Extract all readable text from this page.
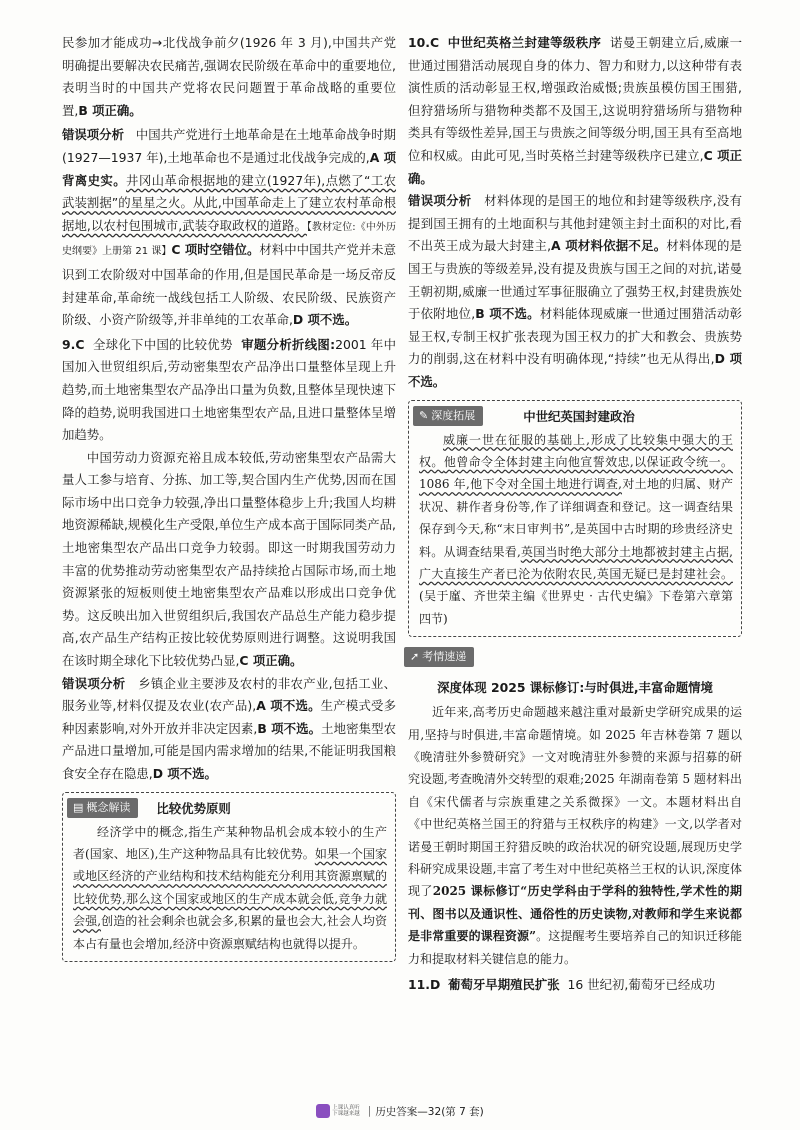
民参加才能成功→北伐战争前夕(1926 年 3 月),中国共产党明确提出要解决农民痛苦,强调农民阶级在革命中的重要地位,表明当时的中国共产党将农民问题置于革命战略的重要位置,B 项正确。

错误项分析 中国共产党进行土地革命是在土地革命战争时期(1927—1937 年),土地革命也不是通过北伐战争完成的,A 项背离史实。井冈山革命根据地的建立(1927年),点燃了“工农武装割据”的星星之火。从此,中国革命走上了建立农村革命根据地,以农村包围城市,武装夺取政权的道路。【教材定位:《中外历史纲要》上册第 21 课】C 项时空错位。材料中中国共产党并未意识到工农阶级对中国革命的作用,但是国民革命是一场反帝反封建革命,革命统一战线包括工人阶级、农民阶级、民族资产阶级、小资产阶级等,并非单纯的工农革命,D 项不选。

9.C 全球化下中国的比较优势 审题分析折线图:2001 年中国加入世贸组织后,劳动密集型农产品净出口量整体呈现上升趋势,而土地密集型农产品净出口量为负数,且整体呈现快速下降的趋势,说明我国进口土地密集型农产品,且进口量整体呈增加趋势。

中国劳动力资源充裕且成本较低,劳动密集型农产品需大量人工参与培育、分拣、加工等,契合国内生产优势,因而在国际市场中出口竞争力较强,净出口量整体稳步上升;我国人均耕地资源稀缺,规模化生产受限,单位生产成本高于国际同类产品,土地密集型农产品出口竞争力较弱。即这一时期我国劳动力丰富的优势推动劳动密集型农产品持续抢占国际市场,而土地资源紧张的短板则使土地密集型农产品难以形成出口竞争优势。这反映出加入世贸组织后,我国农产品总生产能力稳步提高,农产品生产结构正按比较优势原则进行调整。这说明我国在该时期全球化下比较优势凸显,C 项正确。

错误项分析 乡镇企业主要涉及农村的非农产业,包括工业、服务业等,材料仅提及农业(农产品),A 项不选。生产模式受多种因素影响,对外开放并非决定因素,B 项不选。土地密集型农产品进口量增加,可能是国内需求增加的结果,不能证明我国粮食安全存在隐患,D 项不选。

▤ 概念解读	比较优势原则

经济学中的概念,指生产某种物品机会成本较小的生产者(国家、地区),生产这种物品具有比较优势。如果一个国家或地区经济的产业结构和技术结构能充分利用其资源禀赋的比较优势,那么这个国家或地区的生产成本就会低,竞争力就会强,创造的社会剩余也就会多,积累的量也会大,社会人均资本占有量也会增加,经济中资源禀赋结构也就得以提升。

10.C 中世纪英格兰封建等级秩序 诺曼王朝建立后,威廉一世通过围猎活动展现自身的体力、智力和财力,以这种带有表演性质的活动彰显王权,增强政治威慑;贵族虽模仿国王围猎,但狩猎场所与猎物种类都不及国王,这说明狩猎场所与猎物种类具有等级性差异,国王与贵族之间等级分明,国王具有至高地位和权威。由此可见,当时英格兰封建等级秩序已建立,C 项正确。

错误项分析 材料体现的是国王的地位和封建等级秩序,没有提到国王拥有的土地面积与其他封建领主封土面积的对比,看不出英王成为最大封建主,A 项材料依据不足。材料体现的是国王与贵族的等级差异,没有提及贵族与国王之间的对抗,诺曼王朝初期,威廉一世通过军事征服确立了强势王权,封建贵族处于依附地位,B 项不选。材料能体现威廉一世通过围猎活动彰显王权,专制王权扩张表现为国王权力的扩大和教会、贵族势力的削弱,这在材料中没有明确体现,“持续”也无从得出,D 项不选。

✎ 深度拓展	中世纪英国封建政治

威廉一世在征服的基础上,形成了比较集中强大的王权。他曾命令全体封建主向他宣誓效忠,以保证政令统一。1086 年,他下令对全国土地进行调查,对土地的归属、财产状况、耕作者身份等,作了详细调查和登记。这一调查结果保存到今天,称“末日审判书”,是英国中古时期的珍贵经济史料。从调查结果看,英国当时绝大部分土地都被封建主占据,广大直接生产者已沦为依附农民,英国无疑已是封建社会。(吴于廑、齐世荣主编《世界史 · 古代史编》下卷第六章第四节)

➚ 考情速递
深度体现 2025 课标修订:与时俱进,丰富命题情境

近年来,高考历史命题越来越注重对最新史学研究成果的运用,坚持与时俱进,丰富命题情境。如 2025 年吉林卷第 7 题以《晚清驻外参赞研究》一文对晚清驻外参赞的来源与招募的研究设题,考查晚清外交转型的艰难;2025 年湖南卷第 5 题材料出自《宋代儒者与宗族重建之关系微探》一文。本题材料出自《中世纪英格兰国王的狩猎与王权秩序的构建》一文,以学者对诺曼王朝时期国王狩猎反映的政治状况的研究设题,展现历史学科研究成果设题,丰富了考生对中世纪英格兰王权的认识,深度体现了2025 课标修订“历史学科由于学科的独特性,学术性的期刊、图书以及通识性、通俗性的历史读物,对教师和学生来说都是非常重要的课程资源”。这提醒考生要培养自己的知识迁移能力和提取材料关键信息的能力。

11.D 葡萄牙早期殖民扩张 16 世纪初,葡萄牙已经成功

上课认真听
下课越来越 | 历史答案—32 (第 7 套)
